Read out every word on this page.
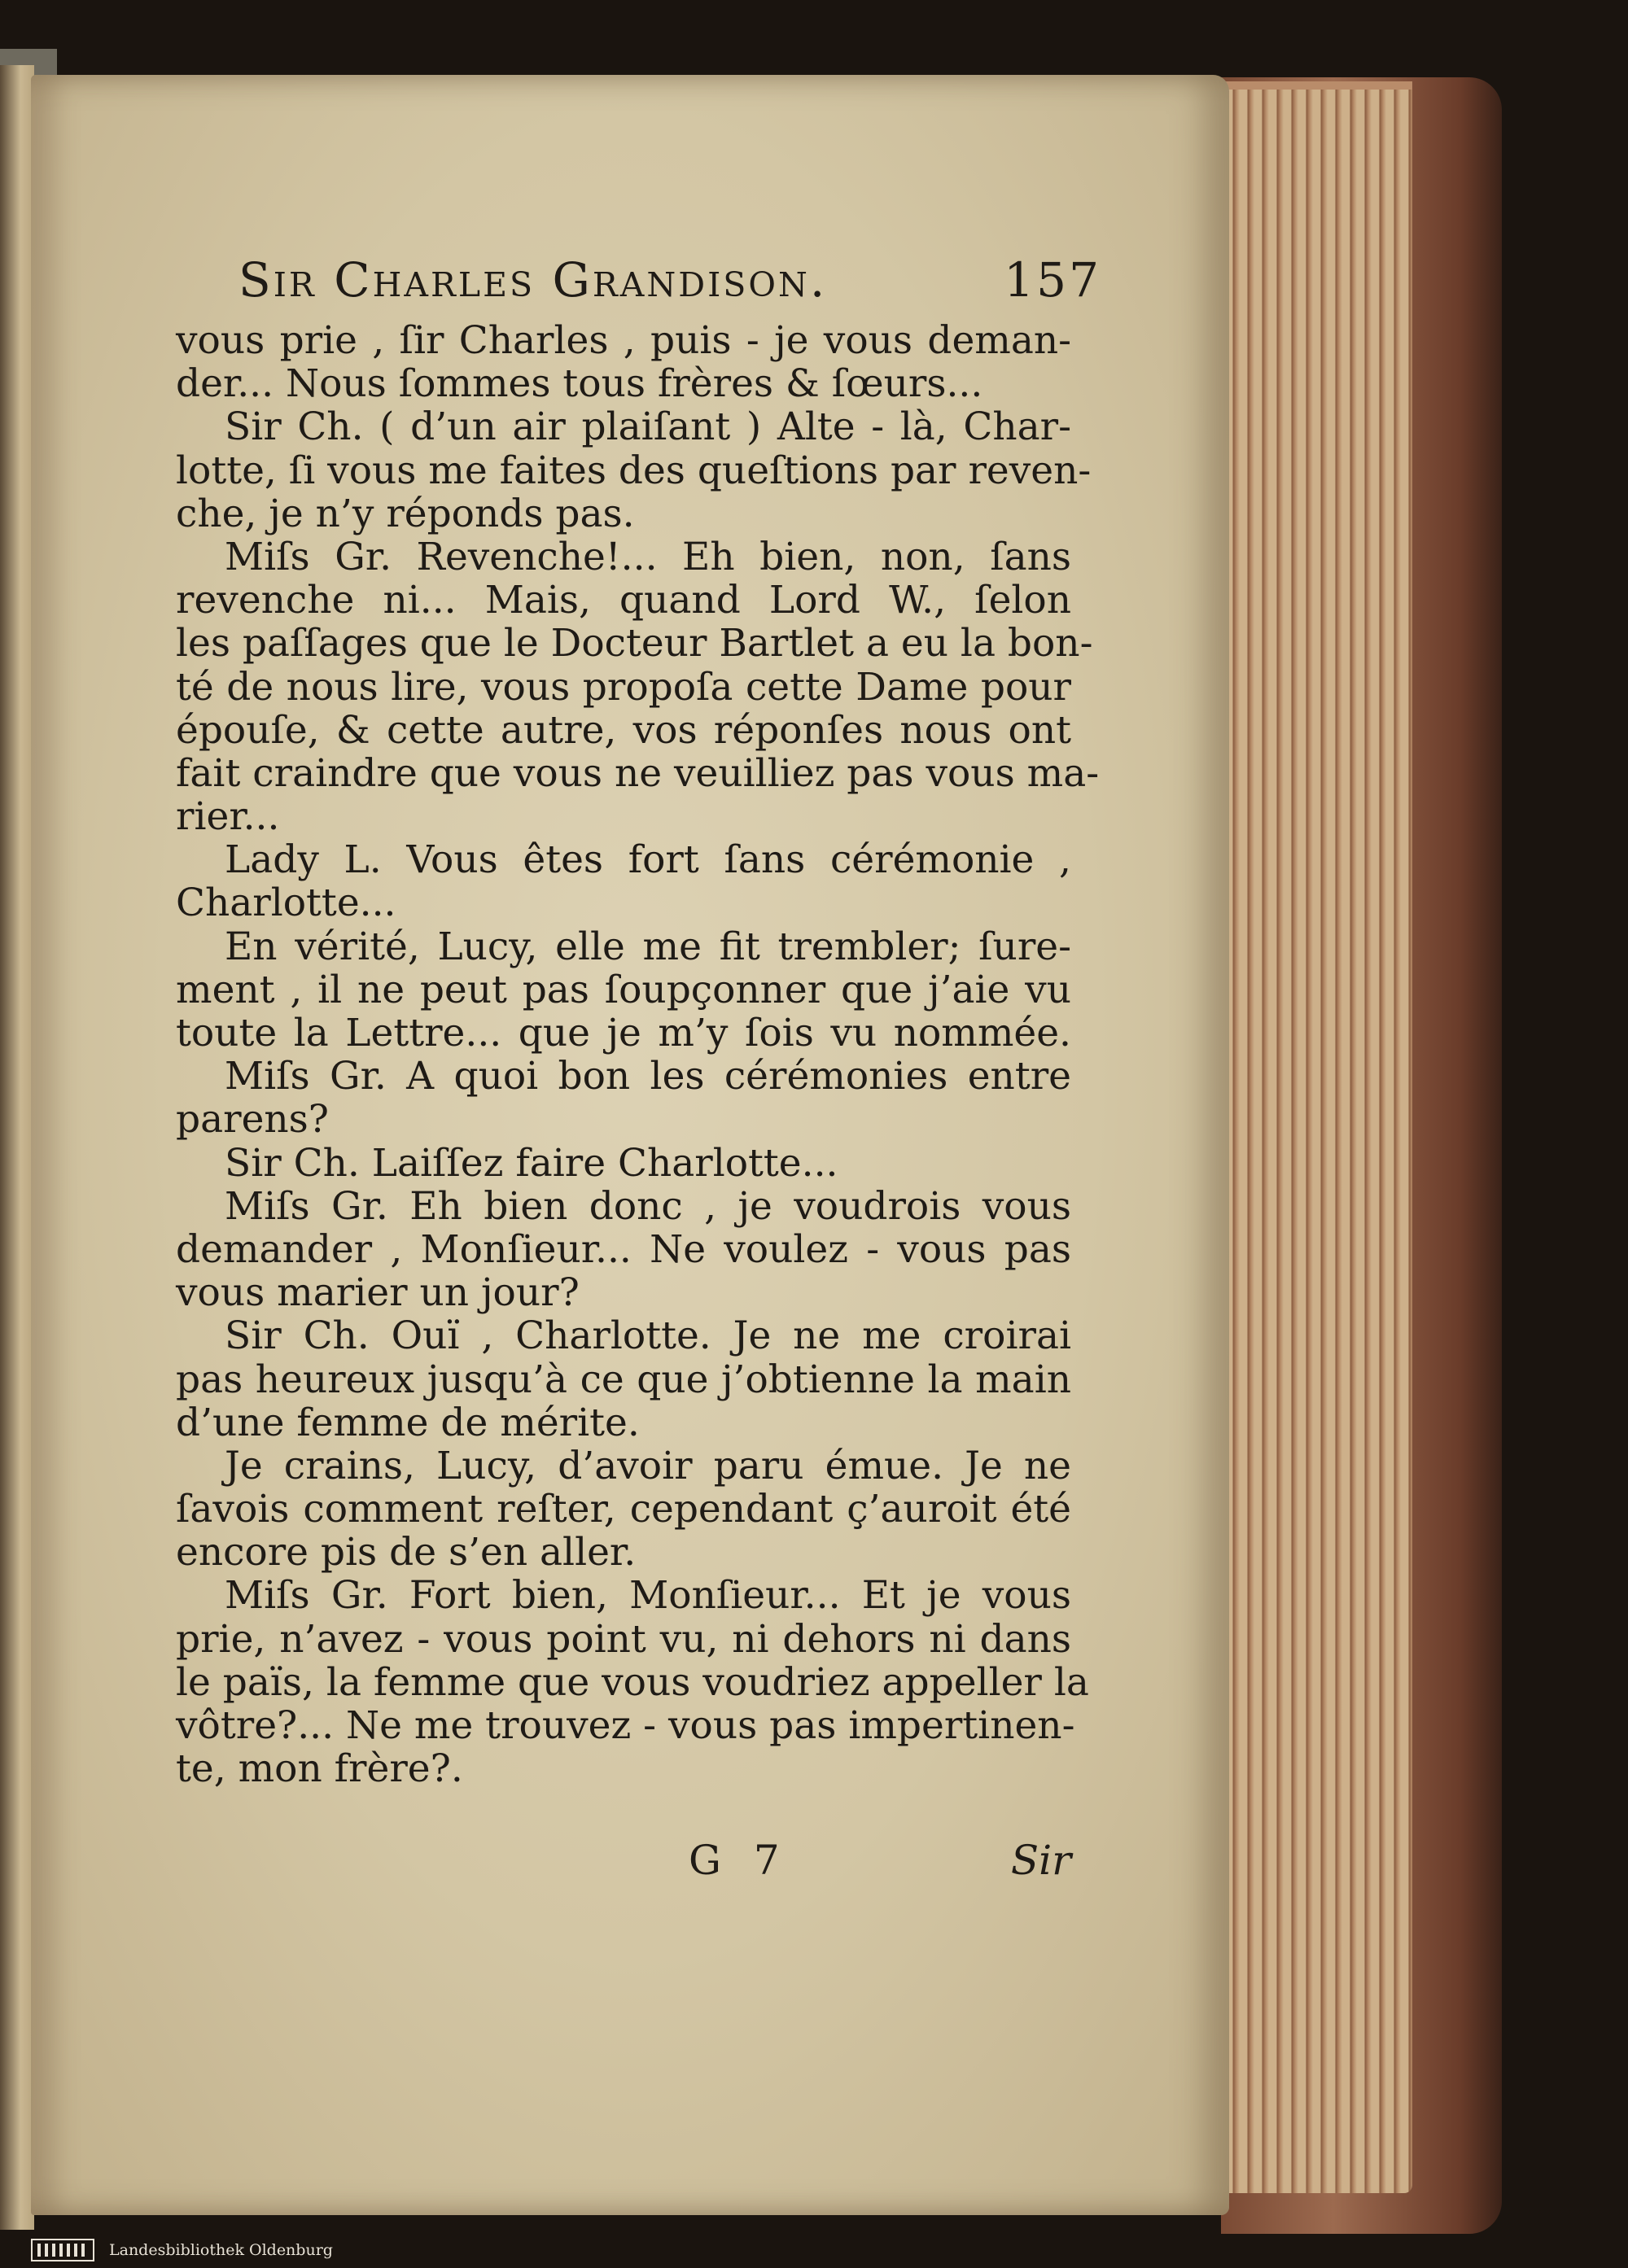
Sir Charles Grandison.	157
vous prie , ſir Charles , puis - je vous deman-
der... Nous ſommes tous frères & ſœurs...
Sir Ch. ( d’un air plaiſant ) Alte - là, Char-
lotte, ſi vous me faites des queſtions par reven-
che, je n’y réponds pas.
Miſs Gr. Revenche!... Eh bien, non, ſans
revenche ni... Mais, quand Lord W., ſelon
les paſſages que le Docteur Bartlet a eu la bon-
té de nous lire, vous propoſa cette Dame pour
épouſe, & cette autre, vos réponſes nous ont
fait craindre que vous ne veuilliez pas vous ma-
rier...
Lady L. Vous êtes fort ſans cérémonie ,
Charlotte...
En vérité, Lucy, elle me fit trembler; ſure-
ment , il ne peut pas ſoupçonner que j’aie vu
toute la Lettre... que je m’y ſois vu nommée.
Miſs Gr. A quoi bon les cérémonies entre
parens?
Sir Ch. Laiſſez faire Charlotte...
Miſs Gr. Eh bien donc , je voudrois vous
demander , Monſieur... Ne voulez - vous pas
vous marier un jour?
Sir Ch. Ouï , Charlotte. Je ne me croirai
pas heureux jusqu’à ce que j’obtienne la main
d’une femme de mérite.
Je crains, Lucy, d’avoir paru émue. Je ne
ſavois comment reſter, cependant ç’auroit été
encore pis de s’en aller.
Miſs Gr. Fort bien, Monſieur... Et je vous
prie, n’avez - vous point vu, ni dehors ni dans
le païs, la femme que vous voudriez appeller la
vôtre?... Ne me trouvez - vous pas impertinen-
te, mon frère?.
G 7	Sir
Landesbibliothek Oldenburg
